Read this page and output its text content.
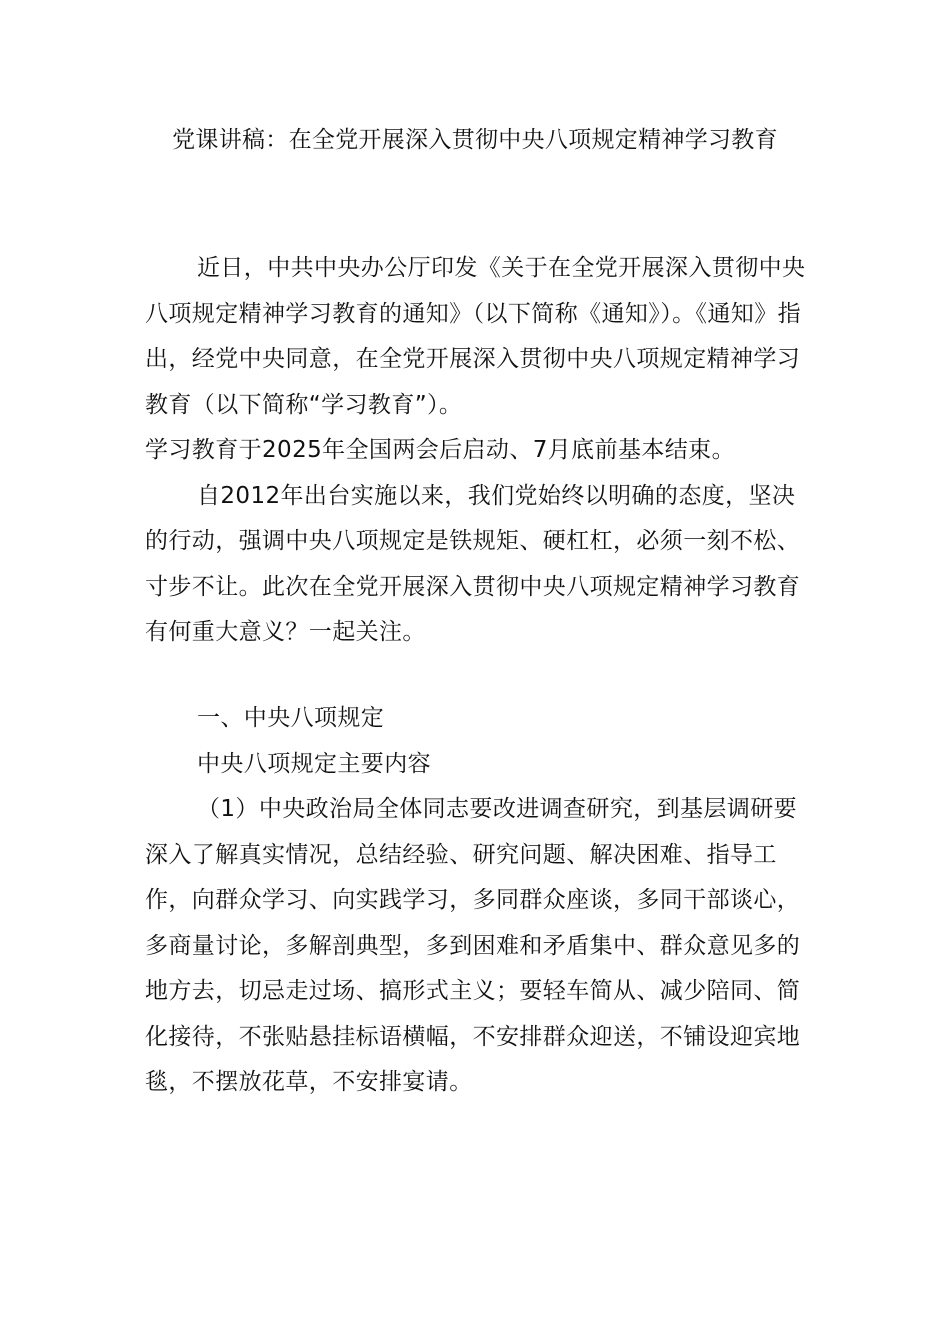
党课讲稿：在全党开展深入贯彻中央八项规定精神学习教育

近日，中共中央办公厅印发《关于在全党开展深入贯彻中央八项规定精神学习教育的通知》（以下简称《通知》）。《通知》指出，经党中央同意，在全党开展深入贯彻中央八项规定精神学习教育（以下简称“学习教育”）。

学习教育于2025年全国两会后启动、7月底前基本结束。

自2012年出台实施以来，我们党始终以明确的态度，坚决的行动，强调中央八项规定是铁规矩、硬杠杠，必须一刻不松、寸步不让。此次在全党开展深入贯彻中央八项规定精神学习教育有何重大意义？一起关注。

一、中央八项规定

中央八项规定主要内容

（1）中央政治局全体同志要改进调查研究，到基层调研要深入了解真实情况，总结经验、研究问题、解决困难、指导工作，向群众学习、向实践学习，多同群众座谈，多同干部谈心，多商量讨论，多解剖典型，多到困难和矛盾集中、群众意见多的地方去，切忌走过场、搞形式主义；要轻车简从、减少陪同、简化接待，不张贴悬挂标语横幅，不安排群众迎送，不铺设迎宾地毯，不摆放花草，不安排宴请。
